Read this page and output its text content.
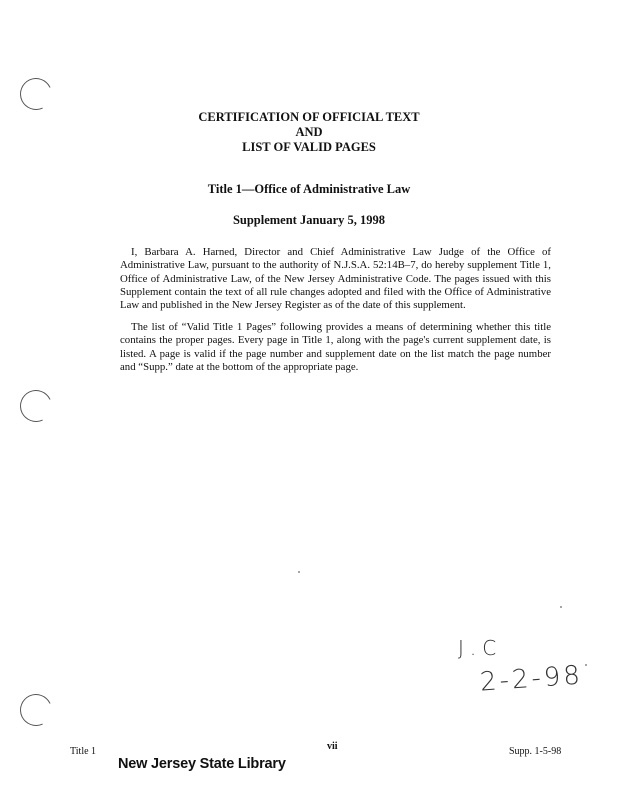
CERTIFICATION OF OFFICIAL TEXT
AND
LIST OF VALID PAGES
Title 1—Office of Administrative Law
Supplement January 5, 1998

I, Barbara A. Harned, Director and Chief Administrative Law Judge of the Office of Administrative Law, pursuant to the authority of N.J.S.A. 52:14B–7, do hereby supplement Title 1, Office of Administrative Law, of the New Jersey Administrative Code. The pages issued with this Supplement contain the text of all rule changes adopted and filed with the Office of Administrative Law and published in the New Jersey Register as of the date of this supplement.

The list of “Valid Title 1 Pages” following provides a means of determining whether this title contains the proper pages. Every page in Title 1, along with the page's current supplement date, is listed. A page is valid if the page number and supplement date on the list match the page number and “Supp.” date at the bottom of the appropriate page.

J.C
2-2-98
Title 1	vii	Supp. 1-5-98
New Jersey State Library
